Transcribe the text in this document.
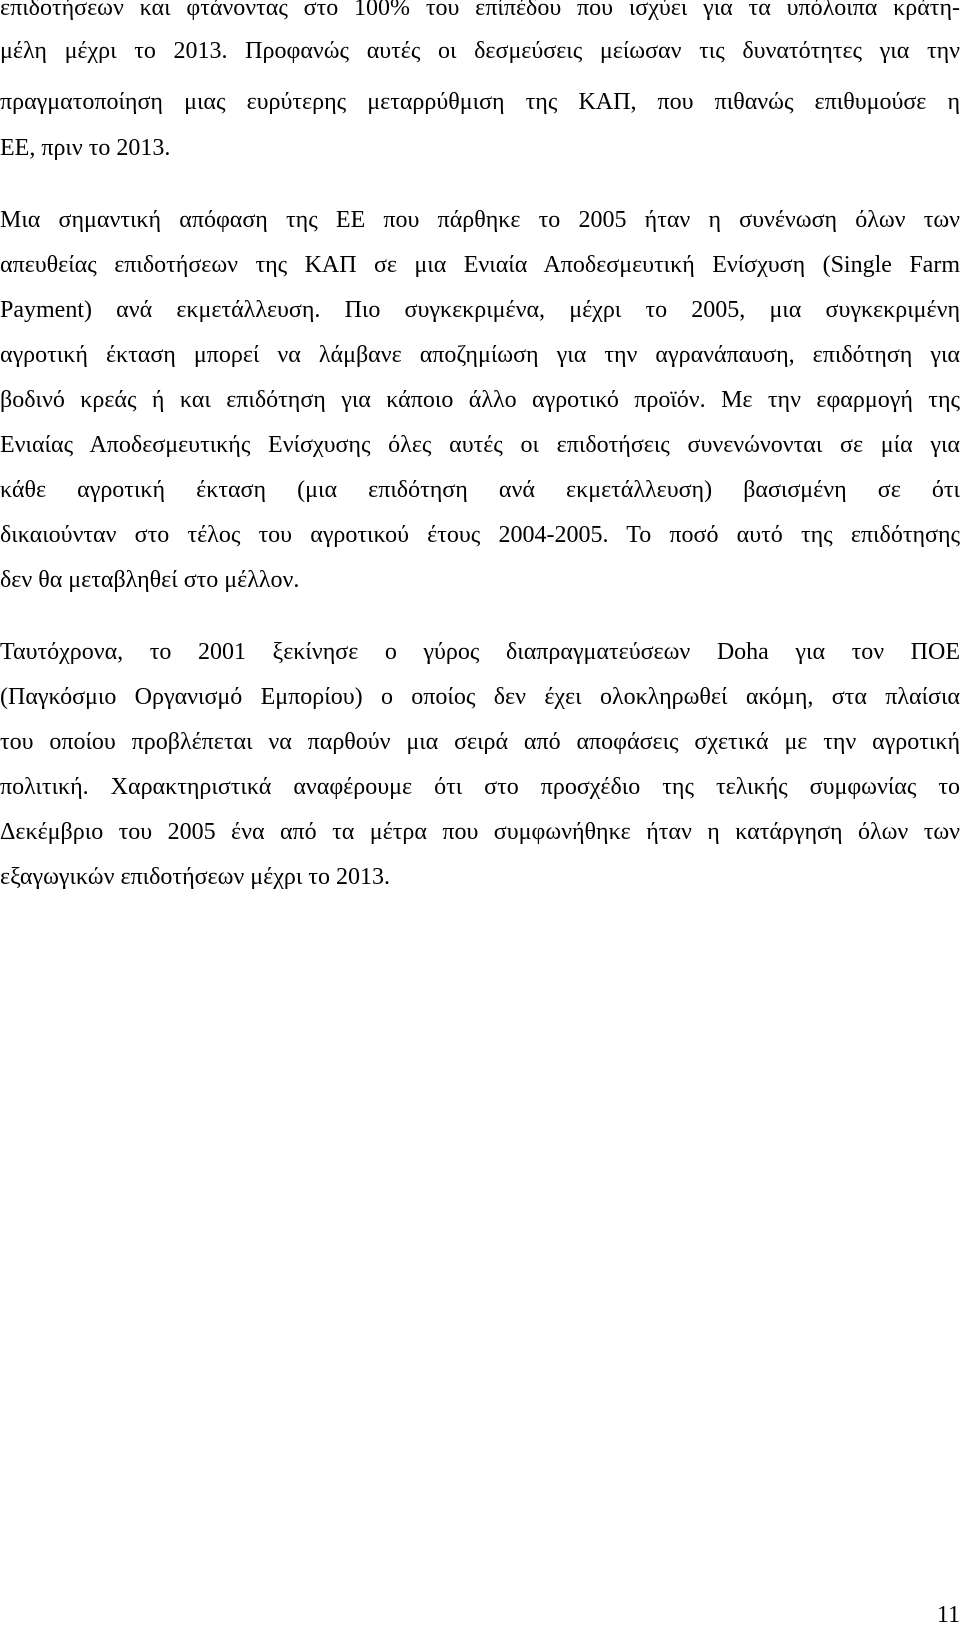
επιδοτήσεων και φτάνοντας στο 100% του επίπέδου που ισχύει για τα υπόλοιπα κράτη-
μέλη μέχρι το 2013. Προφανώς αυτές οι δεσμεύσεις μείωσαν τις δυνατότητες για την
πραγματοποίηση μιας ευρύτερης μεταρρύθμιση της ΚΑΠ, που πιθανώς επιθυμούσε η
ΕΕ, πριν το 2013.
Μια σημαντική απόφαση της ΕΕ που πάρθηκε το 2005 ήταν η συνένωση όλων των
απευθείας επιδοτήσεων της ΚΑΠ σε μια Ενιαία Αποδεσμευτική Ενίσχυση (Single Farm
Payment) ανά εκμετάλλευση. Πιο συγκεκριμένα, μέχρι το 2005, μια συγκεκριμένη
αγροτική έκταση μπορεί να λάμβανε αποζημίωση για την αγρανάπαυση, επιδότηση για
βοδινό κρεάς ή και επιδότηση για κάποιο άλλο αγροτικό προϊόν. Με την εφαρμογή της
Ενιαίας Αποδεσμευτικής Ενίσχυσης όλες αυτές οι επιδοτήσεις συνενώνονται σε μία για
κάθε αγροτική έκταση (μια επιδότηση ανά εκμετάλλευση) βασισμένη σε ότι
δικαιούνταν στο τέλος του αγροτικού έτους 2004-2005. Το ποσό αυτό της επιδότησης
δεν θα μεταβληθεί στο μέλλον.
Ταυτόχρονα, το 2001 ξεκίνησε ο γύρος διαπραγματεύσεων Doha για τον ΠΟΕ
(Παγκόσμιο Οργανισμό Εμπορίου) ο οποίος δεν έχει ολοκληρωθεί ακόμη, στα πλαίσια
του οποίου προβλέπεται να παρθούν μια σειρά από αποφάσεις σχετικά με την αγροτική
πολιτική. Χαρακτηριστικά αναφέρουμε ότι στο προσχέδιο της τελικής συμφωνίας το
Δεκέμβριο του 2005 ένα από τα μέτρα που συμφωνήθηκε ήταν η κατάργηση όλων των
εξαγωγικών επιδοτήσεων μέχρι το 2013.
11
